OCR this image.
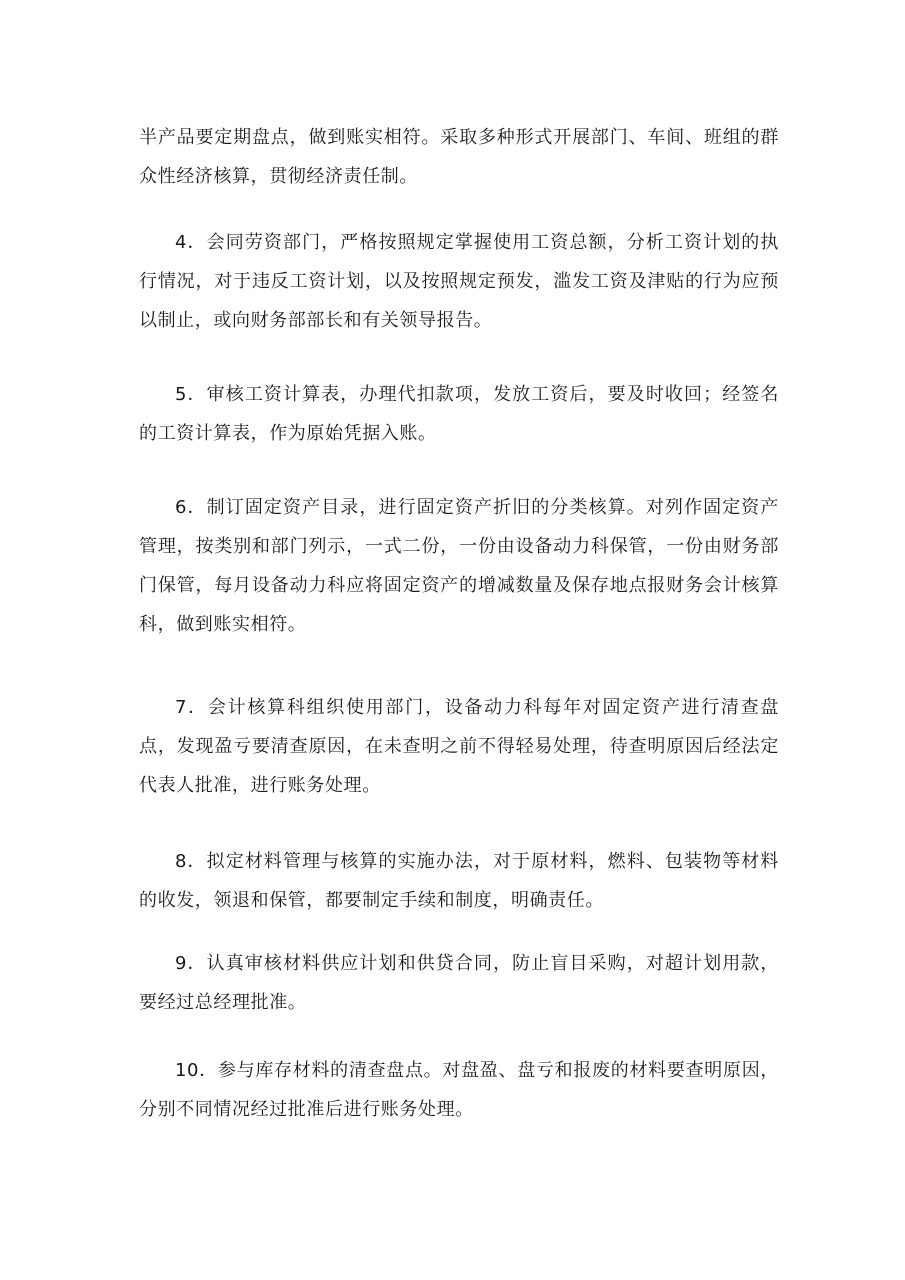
半产品要定期盘点，做到账实相符。采取多种形式开展部门、车间、班组的群众性经济核算，贯彻经济责任制。

4．会同劳资部门，严格按照规定掌握使用工资总额，分析工资计划的执行情况，对于违反工资计划，以及按照规定预发，滥发工资及津贴的行为应预以制止，或向财务部部长和有关领导报告。

5．审核工资计算表，办理代扣款项，发放工资后，要及时收回；经签名的工资计算表，作为原始凭据入账。

6．制订固定资产目录，进行固定资产折旧的分类核算。对列作固定资产管理，按类别和部门列示，一式二份，一份由设备动力科保管，一份由财务部门保管，每月设备动力科应将固定资产的增减数量及保存地点报财务会计核算科，做到账实相符。

7．会计核算科组织使用部门，设备动力科每年对固定资产进行清查盘点，发现盈亏要清查原因，在未查明之前不得轻易处理，待查明原因后经法定代表人批准，进行账务处理。

8．拟定材料管理与核算的实施办法，对于原材料，燃料、包装物等材料的收发，领退和保管，都要制定手续和制度，明确责任。

9．认真审核材料供应计划和供贷合同，防止盲目采购，对超计划用款，要经过总经理批准。

10．参与库存材料的清查盘点。对盘盈、盘亏和报废的材料要查明原因，分别不同情况经过批准后进行账务处理。
